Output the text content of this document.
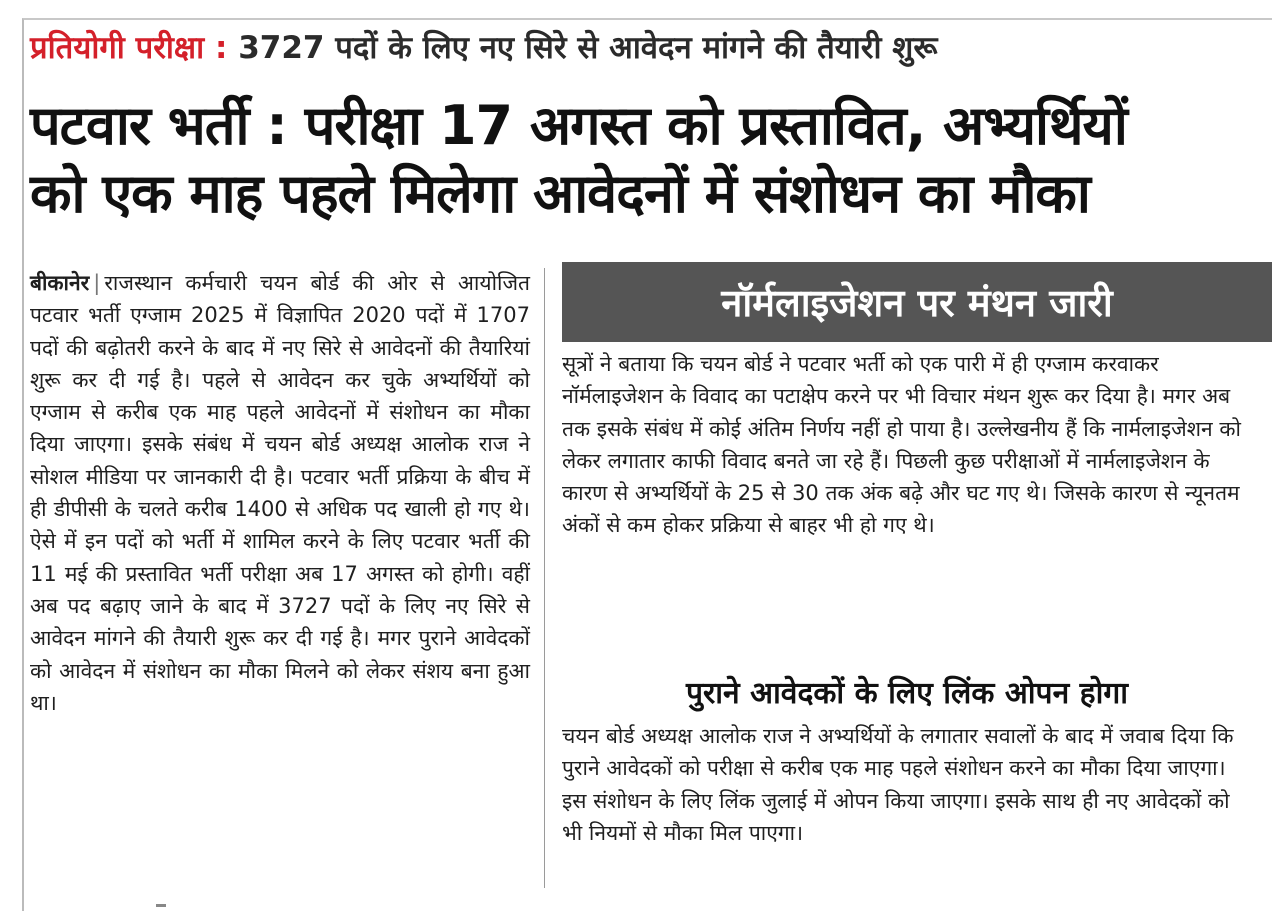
प्रतियोगी परीक्षा : 3727 पदों के लिए नए सिरे से आवेदन मांगने की तैयारी शुरू
पटवार भर्ती : परीक्षा 17 अगस्त को प्रस्तावित, अभ्यर्थियों
को एक माह पहले मिलेगा आवेदनों में संशोधन का मौका
बीकानेर | राजस्थान कर्मचारी चयन बोर्ड की ओर से आयोजित पटवार भर्ती एग्जाम 2025 में विज्ञापित 2020 पदों में 1707 पदों की बढ़ोतरी करने के बाद में नए सिरे से आवेदनों की तैयारियां शुरू कर दी गई है। पहले से आवेदन कर चुके अभ्यर्थियों को एग्जाम से करीब एक माह पहले आवेदनों में संशोधन का मौका दिया जाएगा। इसके संबंध में चयन बोर्ड अध्यक्ष आलोक राज ने सोशल मीडिया पर जानकारी दी है। पटवार भर्ती प्रक्रिया के बीच में ही डीपीसी के चलते करीब 1400 से अधिक पद खाली हो गए थे। ऐसे में इन पदों को भर्ती में शामिल करने के लिए पटवार भर्ती की 11 मई की प्रस्तावित भर्ती परीक्षा अब 17 अगस्त को होगी। वहीं अब पद बढ़ाए जाने के बाद में 3727 पदों के लिए नए सिरे से आवेदन मांगने की तैयारी शुरू कर दी गई है। मगर पुराने आवेदकों को आवेदन में संशोधन का मौका मिलने को लेकर संशय बना हुआ था।
नॉर्मलाइजेशन पर मंथन जारी
सूत्रों ने बताया कि चयन बोर्ड ने पटवार भर्ती को एक पारी में ही एग्जाम करवाकर नॉर्मलाइजेशन के विवाद का पटाक्षेप करने पर भी विचार मंथन शुरू कर दिया है। मगर अब तक इसके संबंध में कोई अंतिम निर्णय नहीं हो पाया है। उल्लेखनीय हैं कि नार्मलाइजेशन को लेकर लगातार काफी विवाद बनते जा रहे हैं। पिछली कुछ परीक्षाओं में नार्मलाइजेशन के कारण से अभ्यर्थियों के 25 से 30 तक अंक बढ़े और घट गए थे। जिसके कारण से न्यूनतम अंकों से कम होकर प्रक्रिया से बाहर भी हो गए थे।
पुराने आवेदकों के लिए लिंक ओपन होगा
चयन बोर्ड अध्यक्ष आलोक राज ने अभ्यर्थियों के लगातार सवालों के बाद में जवाब दिया कि पुराने आवेदकों को परीक्षा से करीब एक माह पहले संशोधन करने का मौका दिया जाएगा। इस संशोधन के लिए लिंक जुलाई में ओपन किया जाएगा। इसके साथ ही नए आवेदकों को भी नियमों से मौका मिल पाएगा।
